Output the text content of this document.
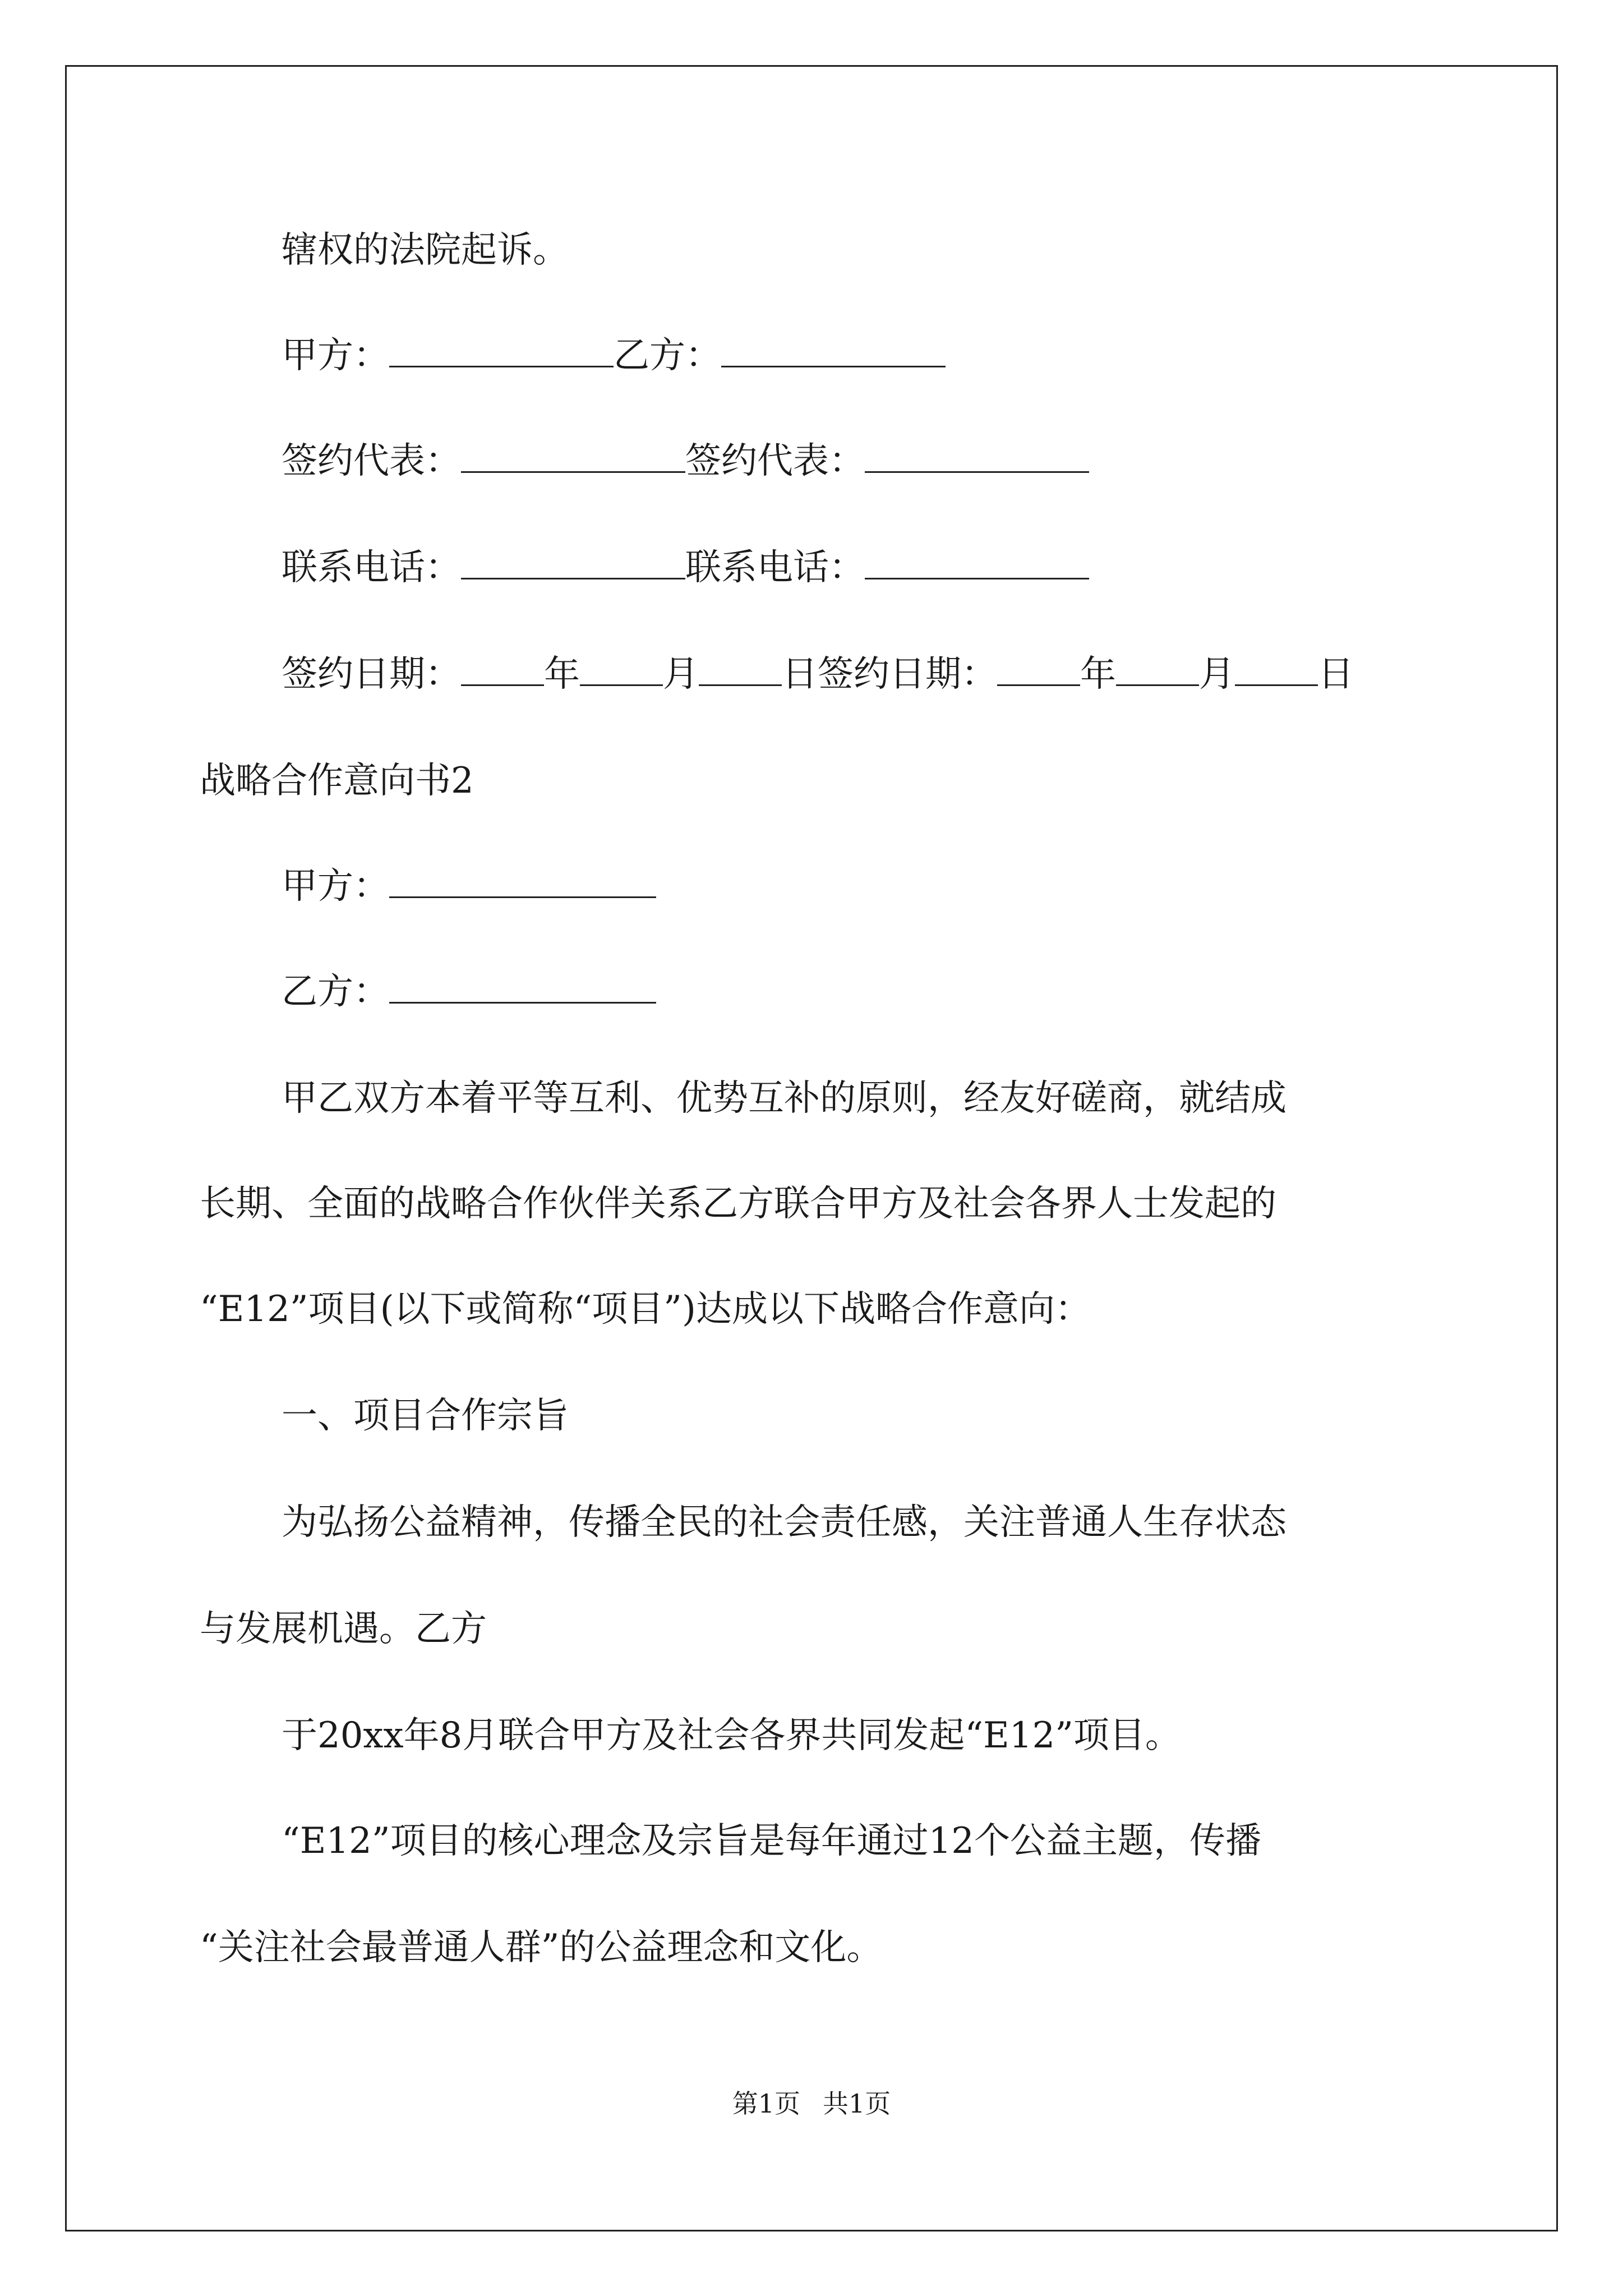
辖权的法院起诉。
甲方：	乙方：
签约代表：	签约代表：
联系电话：	联系电话：
签约日期： 年 月 日签约日期： 年 月 日
战略合作意向书2
甲方：
乙方：
甲乙双方本着平等互利、优势互补的原则，经友好磋商，就结成
长期、全面的战略合作伙伴关系乙方联合甲方及社会各界人士发起的
“E12”项目(以下或简称“项目”)达成以下战略合作意向：
一、项目合作宗旨
为弘扬公益精神，传播全民的社会责任感，关注普通人生存状态
与发展机遇。乙方
于20xx年8月联合甲方及社会各界共同发起“E12”项目。
“E12”项目的核心理念及宗旨是每年通过12个公益主题，传播
“关注社会最普通人群”的公益理念和文化。
第1页 共1页
